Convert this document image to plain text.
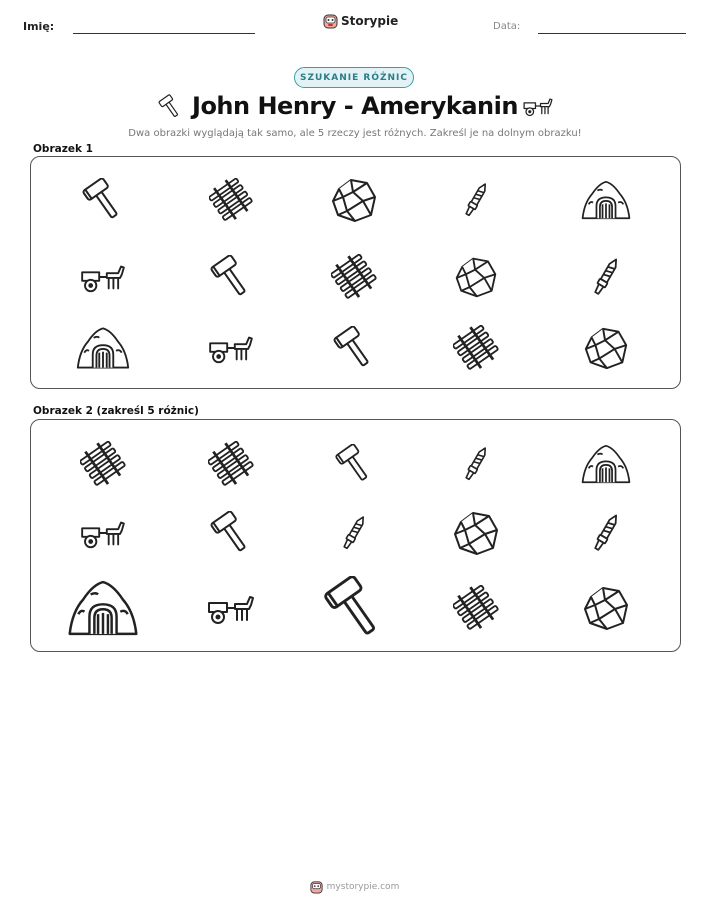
Imię:	Storypie	Data:
SZUKANIE RÓŻNIC
John Henry - Amerykanin
Dwa obrazki wyglądają tak samo, ale 5 rzeczy jest różnych. Zakreśl je na dolnym obrazku!
Obrazek 1
Obrazek 2 (zakreśl 5 różnic)
mystorypie.com
